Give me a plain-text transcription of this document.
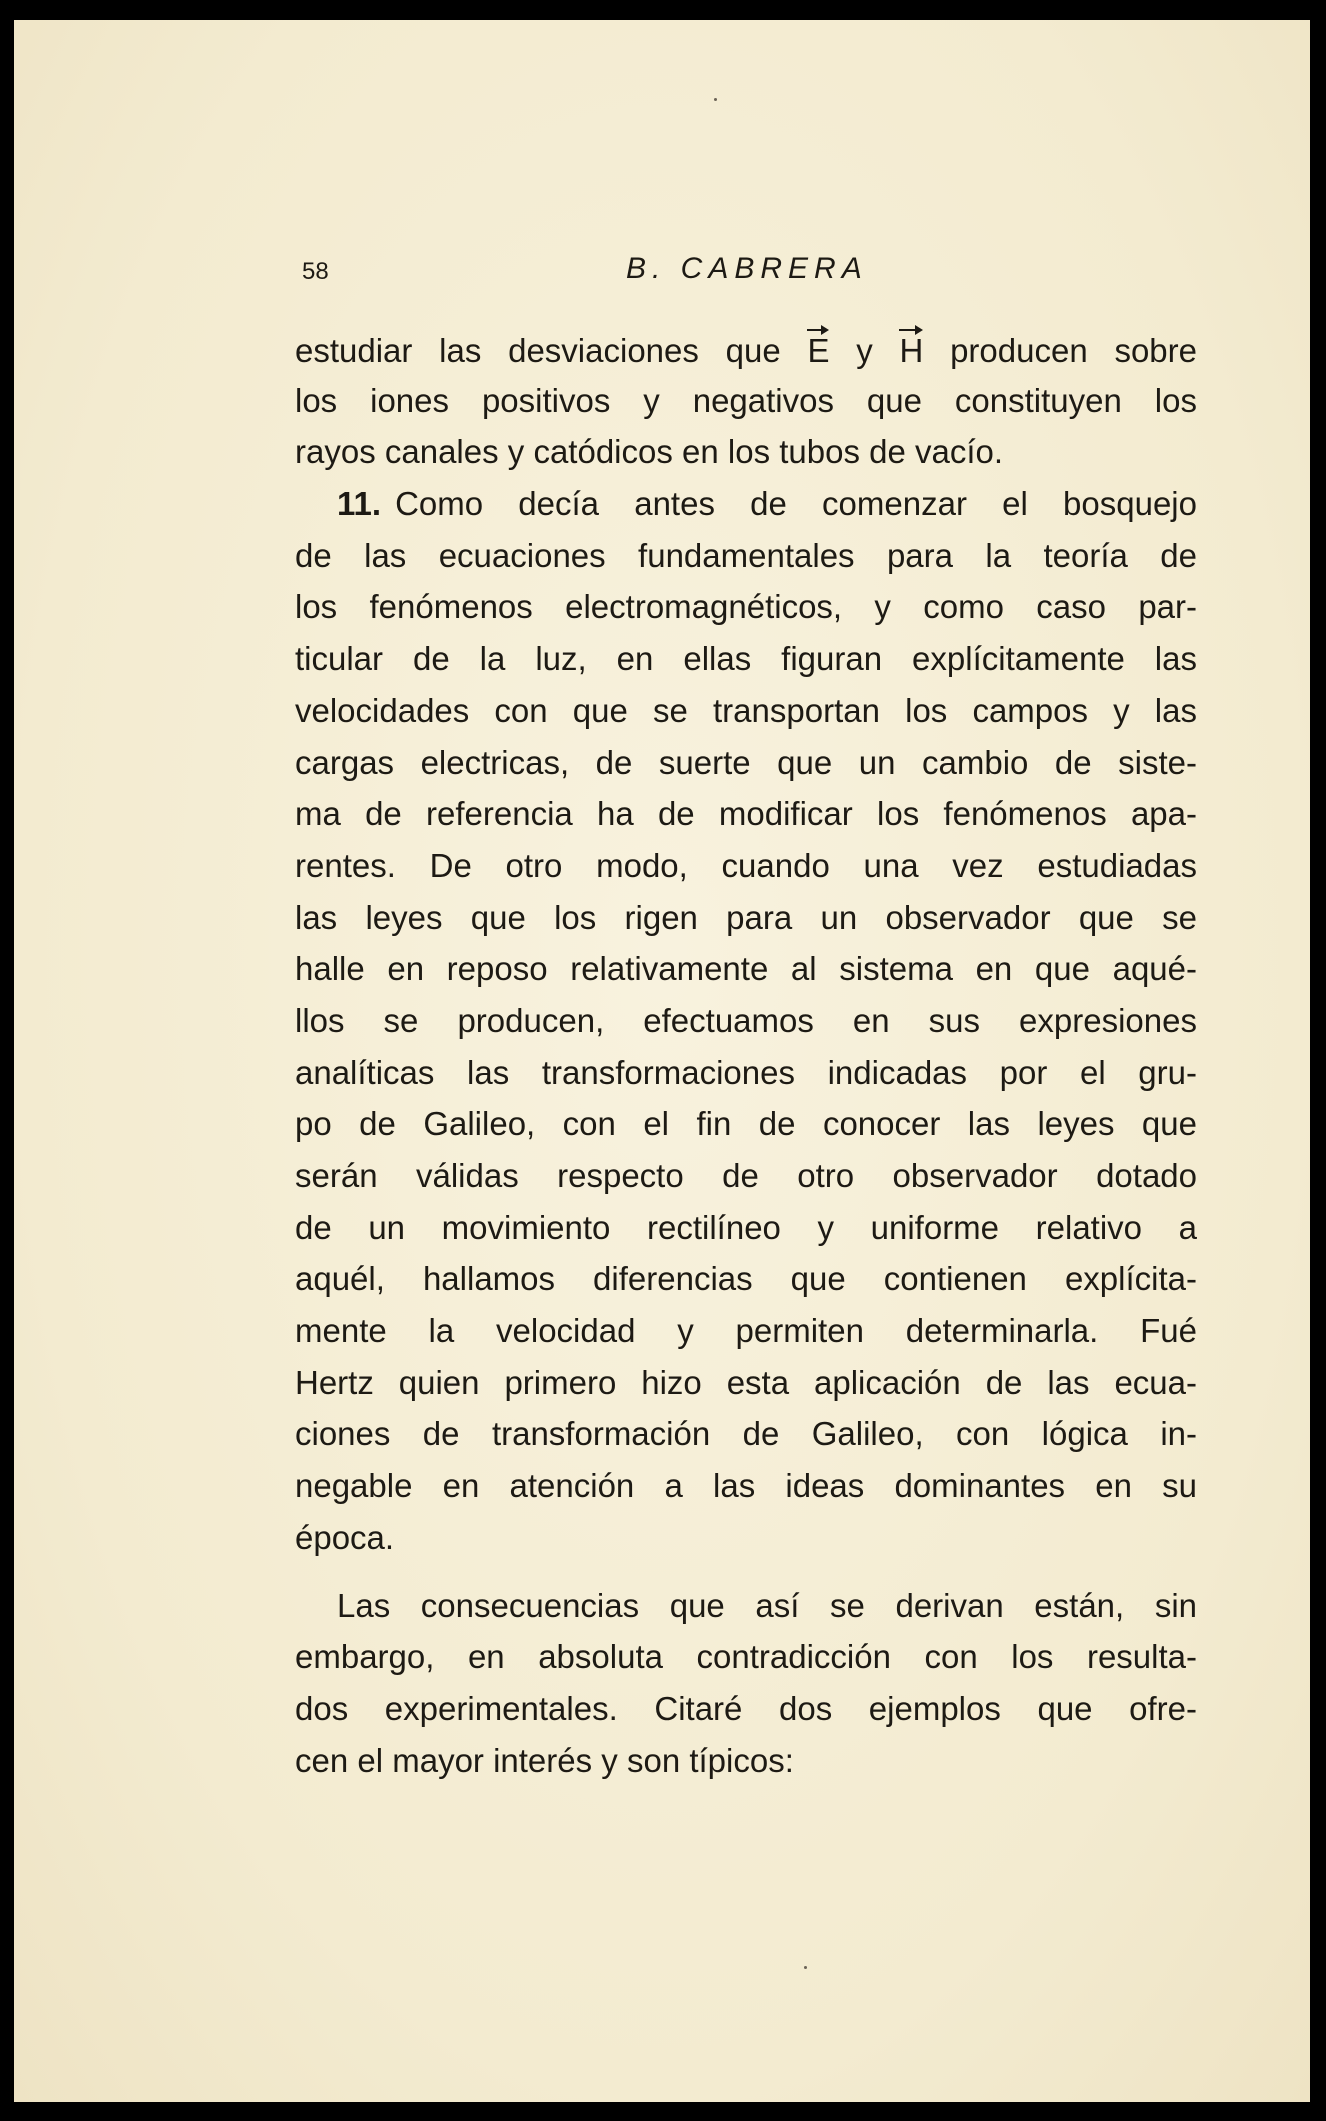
58	B. CABRERA
estudiar las desviaciones que E y H producen sobre
los iones positivos y negativos que constituyen los
rayos canales y catódicos en los tubos de vacío.
11. Como decía antes de comenzar el bosquejo
de las ecuaciones fundamentales para la teoría de
los fenómenos electromagnéticos, y como caso par-
ticular de la luz, en ellas figuran explícitamente las
velocidades con que se transportan los campos y las
cargas electricas, de suerte que un cambio de siste-
ma de referencia ha de modificar los fenómenos apa-
rentes. De otro modo, cuando una vez estudiadas
las leyes que los rigen para un observador que se
halle en reposo relativamente al sistema en que aqué-
llos se producen, efectuamos en sus expresiones
analíticas las transformaciones indicadas por el gru-
po de Galileo, con el fin de conocer las leyes que
serán válidas respecto de otro observador dotado
de un movimiento rectilíneo y uniforme relativo a
aquél, hallamos diferencias que contienen explícita-
mente la velocidad y permiten determinarla. Fué
Hertz quien primero hizo esta aplicación de las ecua-
ciones de transformación de Galileo, con lógica in-
negable en atención a las ideas dominantes en su
época.
Las consecuencias que así se derivan están, sin
embargo, en absoluta contradicción con los resulta-
dos experimentales. Citaré dos ejemplos que ofre-
cen el mayor interés y son típicos:
